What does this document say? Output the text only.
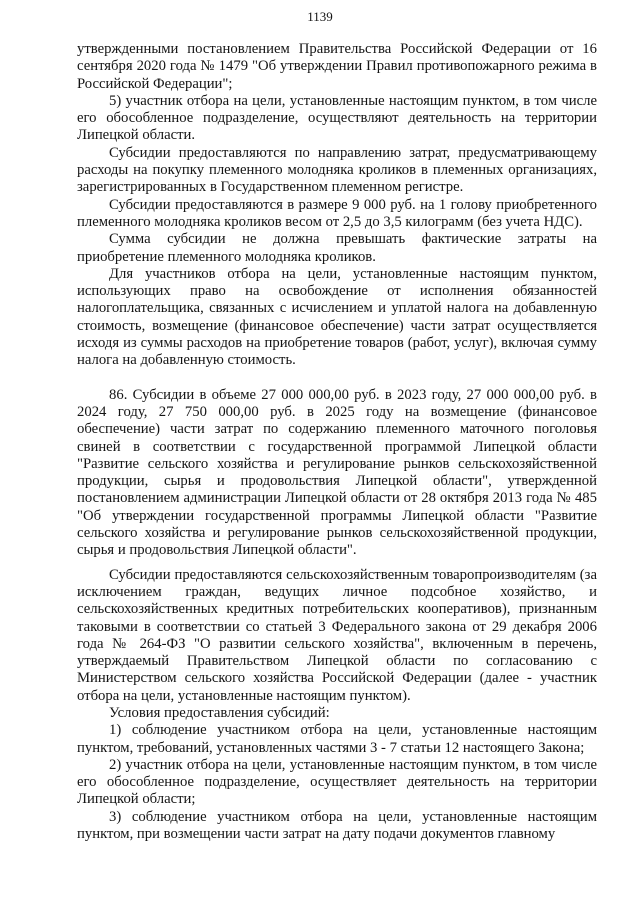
1139

утвержденными постановлением Правительства Российской Федерации от 16 сентября 2020 года № 1479 "Об утверждении Правил противопожарного режима в Российской Федерации";

5) участник отбора на цели, установленные настоящим пунктом, в том числе его обособленное подразделение, осуществляют деятельность на территории Липецкой области.

Субсидии предоставляются по направлению затрат, предусматривающему расходы на покупку племенного молодняка кроликов в племенных организациях, зарегистрированных в Государственном племенном регистре.

Субсидии предоставляются в размере 9 000 руб. на 1 голову приобретенного племенного молодняка кроликов весом от 2,5 до 3,5 килограмм (без учета НДС).

Сумма субсидии не должна превышать фактические затраты на приобретение племенного молодняка кроликов.

Для участников отбора на цели, установленные настоящим пунктом, использующих право на освобождение от исполнения обязанностей налогоплательщика, связанных с исчислением и уплатой налога на добавленную стоимость, возмещение (финансовое обеспечение) части затрат осуществляется исходя из суммы расходов на приобретение товаров (работ, услуг), включая сумму налога на добавленную стоимость.

86. Субсидии в объеме 27 000 000,00 руб. в 2023 году, 27 000 000,00 руб. в 2024 году, 27 750 000,00 руб. в 2025 году на возмещение (финансовое обеспечение) части затрат по содержанию племенного маточного поголовья свиней в соответствии с государственной программой Липецкой области "Развитие сельского хозяйства и регулирование рынков сельскохозяйственной продукции, сырья и продовольствия Липецкой области", утвержденной постановлением администрации Липецкой области от 28 октября 2013 года № 485 "Об утверждении государственной программы Липецкой области "Развитие сельского хозяйства и регулирование рынков сельскохозяйственной продукции, сырья и продовольствия Липецкой области".

Субсидии предоставляются сельскохозяйственным товаропроизводителям (за исключением граждан, ведущих личное подсобное хозяйство, и сельскохозяйственных кредитных потребительских кооперативов), признанным таковыми в соответствии со статьей 3 Федерального закона от 29 декабря 2006 года № 264-ФЗ "О развитии сельского хозяйства", включенным в перечень, утверждаемый Правительством Липецкой области по согласованию с Министерством сельского хозяйства Российской Федерации (далее - участник отбора на цели, установленные настоящим пунктом).

Условия предоставления субсидий:

1) соблюдение участником отбора на цели, установленные настоящим пунктом, требований, установленных частями 3 - 7 статьи 12 настоящего Закона;

2) участник отбора на цели, установленные настоящим пунктом, в том числе его обособленное подразделение, осуществляет деятельность на территории Липецкой области;

3) соблюдение участником отбора на цели, установленные настоящим пунктом, при возмещении части затрат на дату подачи документов главному
